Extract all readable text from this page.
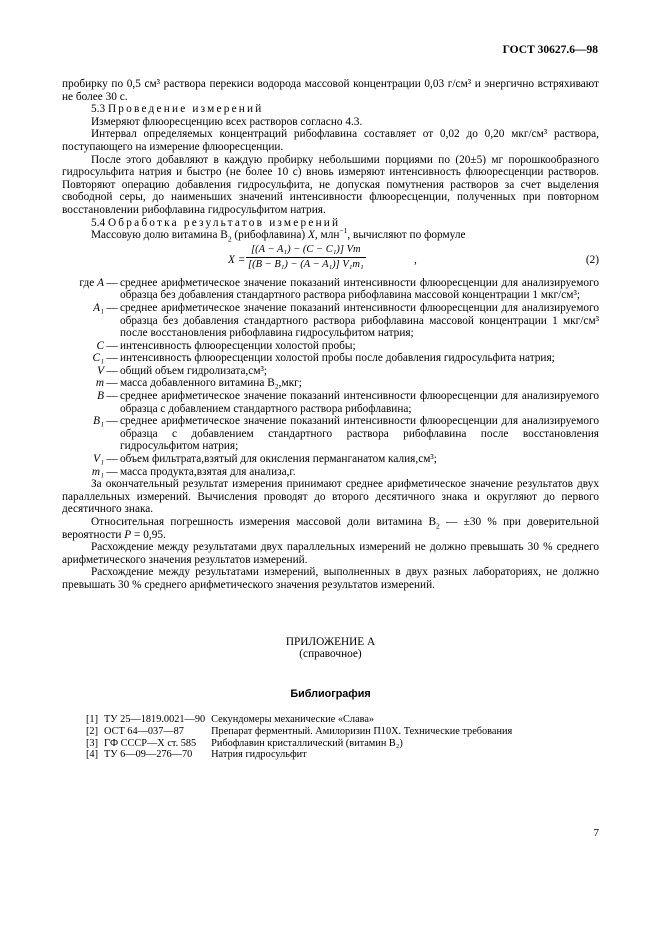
ГОСТ 30627.6—98

пробирку по 0,5 см³ раствора перекиси водорода массовой концентрации 0,03 г/см³ и энергично встряхивают не более 30 с.

5.3 Проведение измерений

Измеряют флюоресценцию всех растворов согласно 4.3.

Интервал определяемых концентраций рибофлавина составляет от 0,02 до 0,20 мкг/см³ раствора, поступающего на измерение флюоресценции.

После этого добавляют в каждую пробирку небольшими порциями по (20±5) мг порошкообразного гидросульфита натрия и быстро (не более 10 с) вновь измеряют интенсивность флюоресценции растворов. Повторяют операцию добавления гидросульфита, не допуская помутнения растворов за счет выделения свободной серы, до наименьших значений интенсивности флюоресценции, полученных при повторном восстановлении рибофлавина гидросульфитом натрия.

5.4 Обработка результатов измерений

Массовую долю витамина $B_2$ (рибофлавина) X, млн$^{-1}$, вычисляют по формуле

$X = \frac{\text{[(A − A₁) − (C − C₁)] Vm}}{\text{[(B − B₁) − (A − A₁)] V₁m₁}}$	,	(2)
где A	—	среднее арифметическое значение показаний интенсивности флюоресценции для анализируемого образца без добавления стандартного раствора рибофлавина массовой концентрации 1 мкг/см³;
A₁	—	среднее арифметическое значение показаний интенсивности флюоресценции для анализируемого образца без добавления стандартного раствора рибофлавина массовой концентрации 1 мкг/см³ после восстановления рибофлавина гидросульфитом натрия;
C	—	интенсивность флюоресценции холостой пробы;
C₁	—	интенсивность флюоресценции холостой пробы после добавления гидросульфита натрия;
V	—	общий объем гидролизата,см³;
m	—	масса добавленного витамина B₂,мкг;
B	—	среднее арифметическое значение показаний интенсивности флюоресценции для анализируемого образца с добавлением стандартного раствора рибофлавина;
B₁	—	среднее арифметическое значение показаний интенсивности флюоресценции для анализируемого образца с добавлением стандартного раствора рибофлавина после восстановления гидросульфитом натрия;
V₁	—	объем фильтрата,взятый для окисления перманганатом калия,см³;
m₁	—	масса продукта,взятая для анализа,г.

За окончательный результат измерения принимают среднее арифметическое значение результатов двух параллельных измерений. Вычисления проводят до второго десятичного знака и округляют до первого десятичного знака.

Относительная погрешность измерения массовой доли витамина $B_2$ — ±30 % при доверительной вероятности P = 0,95.

Расхождение между результатами двух параллельных измерений не должно превышать 30 % среднего арифметического значения результатов измерений.

Расхождение между результатами измерений, выполненных в двух разных лабораториях, не должно превышать 30 % среднего арифметического значения результатов измерений.

ПРИЛОЖЕНИЕ А
(справочное)
Библиография
[1]	ТУ 25—1819.0021—90	Секундомеры механические «Слава»
[2]	ОСТ 64—037—87	Препарат ферментный. Амилоризин П10Х. Технические требования
[3]	ГФ СССР—Х ст. 585	Рибофлавин кристаллический (витамин B₂)
[4]	ТУ 6—09—276—70	Натрия гидросульфит
7
